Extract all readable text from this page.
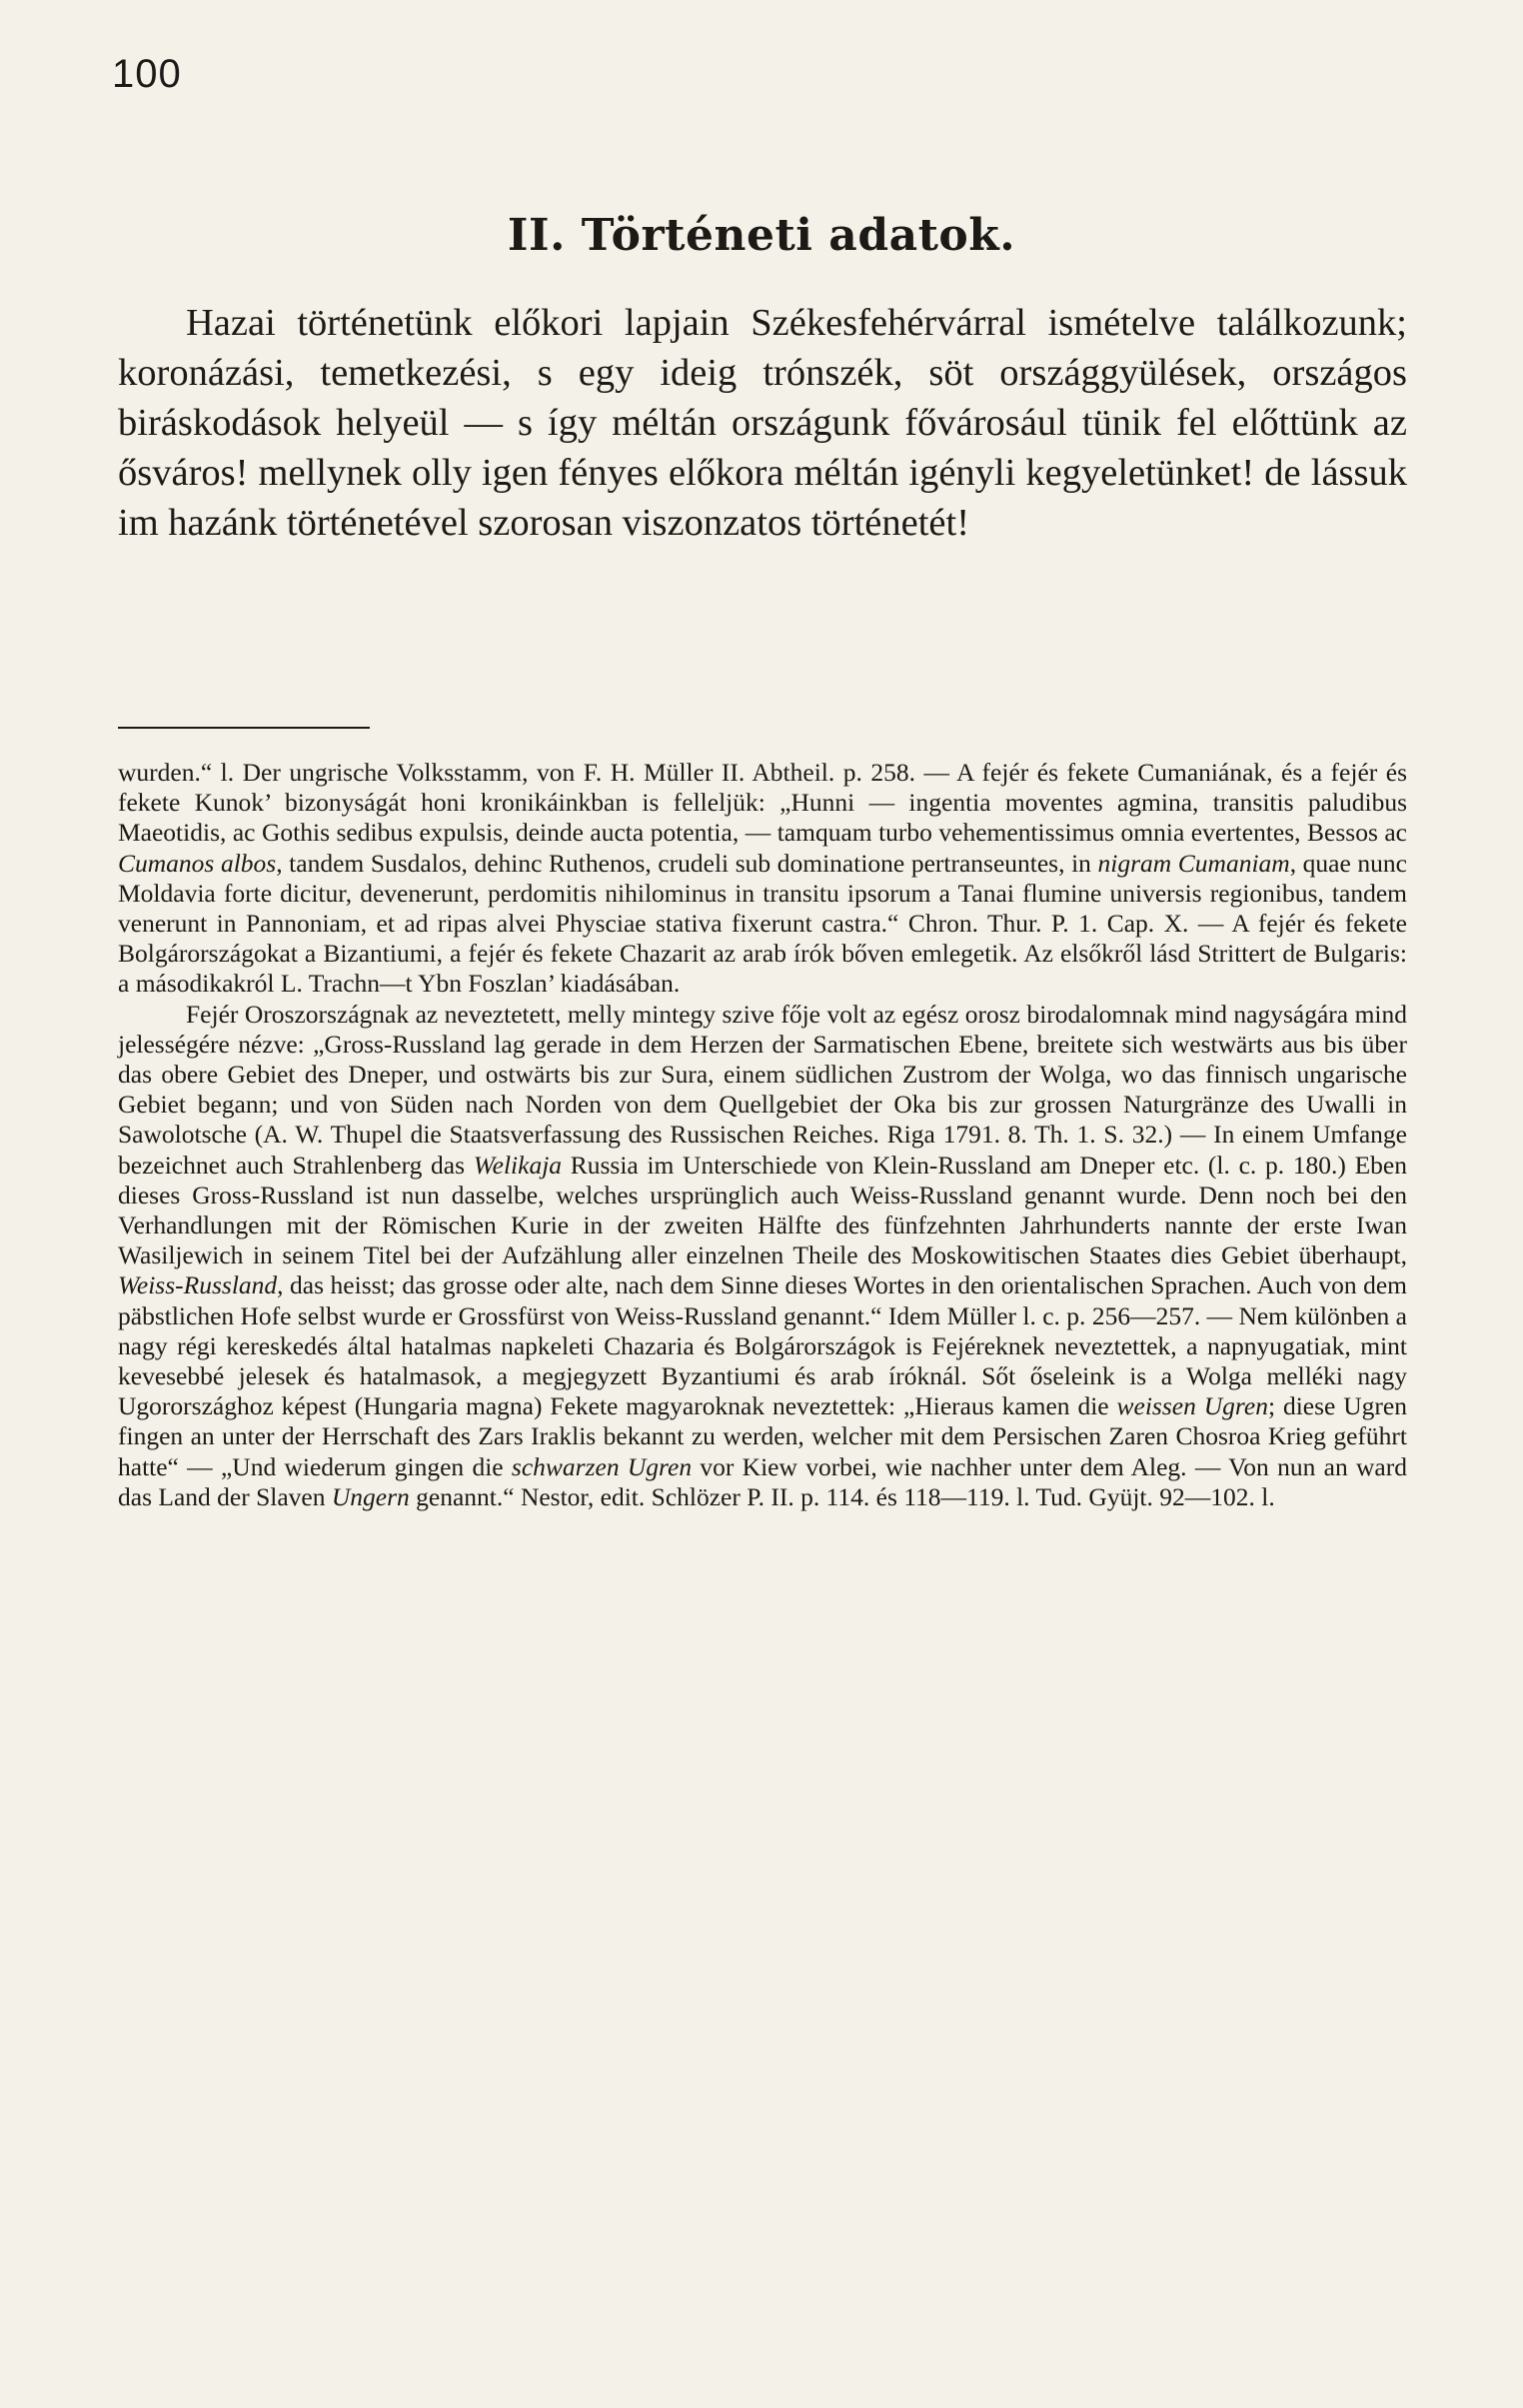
100
II. Történeti adatok.

Hazai történetünk előkori lapjain Székesfehérvárral ismételve találkozunk; koronázási, temetkezési, s egy ideig trónszék, söt országgyülések, országos biráskodások helyeül — s így méltán országunk fővárosául tünik fel előttünk az ősváros! mellynek olly igen fényes előkora méltán igényli kegyeletünket! de lássuk im hazánk történetével szorosan viszonzatos történetét!

wurden.“ l. Der ungrische Volksstamm, von F. H. Müller II. Abtheil. p. 258. — A fejér és fekete Cumaniának, és a fejér és fekete Kunok’ bizonyságát honi kronikáinkban is felleljük: „Hunni — ingentia moventes agmina, transitis paludibus Maeotidis, ac Gothis sedibus expulsis, deinde aucta potentia, — tamquam turbo vehementissimus omnia evertentes, Bessos ac Cumanos albos, tandem Susdalos, dehinc Ruthenos, crudeli sub dominatione pertranseuntes, in nigram Cumaniam, quae nunc Moldavia forte dicitur, devenerunt, perdomitis nihilominus in transitu ipsorum a Tanai flumine universis regionibus, tandem venerunt in Pannoniam, et ad ripas alvei Physciae stativa fixerunt castra.“ Chron. Thur. P. 1. Cap. X. — A fejér és fekete Bolgárországokat a Bizantiumi, a fejér és fekete Chazarit az arab írók bőven emlegetik. Az elsőkről lásd Strittert de Bulgaris: a másodikakról L. Trachn—t Ybn Foszlan’ kiadásában.

Fejér Oroszországnak az neveztetett, melly mintegy szive fője volt az egész orosz birodalomnak mind nagyságára mind jelességére nézve: „Gross-Russland lag gerade in dem Herzen der Sarmatischen Ebene, breitete sich westwärts aus bis über das obere Gebiet des Dneper, und ostwärts bis zur Sura, einem südlichen Zustrom der Wolga, wo das finnisch ungarische Gebiet begann; und von Süden nach Norden von dem Quellgebiet der Oka bis zur grossen Naturgränze des Uwalli in Sawolotsche (A. W. Thupel die Staatsverfassung des Russischen Reiches. Riga 1791. 8. Th. 1. S. 32.) — In einem Umfange bezeichnet auch Strahlenberg das Welikaja Russia im Unterschiede von Klein-Russland am Dneper etc. (l. c. p. 180.) Eben dieses Gross-Russland ist nun dasselbe, welches ursprünglich auch Weiss-Russland genannt wurde. Denn noch bei den Verhandlungen mit der Römischen Kurie in der zweiten Hälfte des fünfzehnten Jahrhunderts nannte der erste Iwan Wasiljewich in seinem Titel bei der Aufzählung aller einzelnen Theile des Moskowitischen Staates dies Gebiet überhaupt, Weiss-Russland, das heisst; das grosse oder alte, nach dem Sinne dieses Wortes in den orientalischen Sprachen. Auch von dem päbstlichen Hofe selbst wurde er Grossfürst von Weiss-Russland genannt.“ Idem Müller l. c. p. 256—257. — Nem különben a nagy régi kereskedés által hatalmas napkeleti Chazaria és Bolgárországok is Fejéreknek neveztettek, a napnyugatiak, mint kevesebbé jelesek és hatalmasok, a megjegyzett Byzantiumi és arab íróknál. Sőt őseleink is a Wolga melléki nagy Ugorországhoz képest (Hungaria magna) Fekete magyaroknak neveztettek: „Hieraus kamen die weissen Ugren; diese Ugren fingen an unter der Herrschaft des Zars Iraklis bekannt zu werden, welcher mit dem Persischen Zaren Chosroa Krieg geführt hatte“ — „Und wiederum gingen die schwarzen Ugren vor Kiew vorbei, wie nachher unter dem Aleg. — Von nun an ward das Land der Slaven Ungern genannt.“ Nestor, edit. Schlözer P. II. p. 114. és 118—119. l. Tud. Gyüjt. 92—102. l.
